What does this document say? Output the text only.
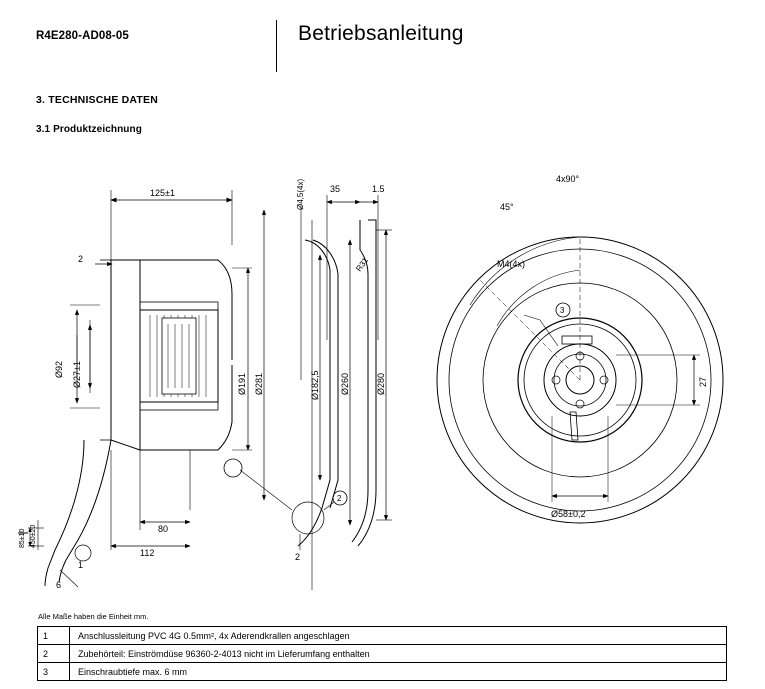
R4E280-AD08-05	Betriebsanleitung
3. TECHNISCHE DATEN
3.1 Produktzeichnung
125±1
2
Ø92 Ø27±1	Ø191 Ø281
80
112
450±20
85±10
1
6
Ø4,5(4x)	35	1.5
R31
Ø182,5 Ø260	Ø280
2
2
4x90°
45°
M4(4x)
3
27
Ø58±0,2
Alle Maße haben die Einheit mm.
1	Anschlussleitung PVC 4G 0.5mm², 4x Aderendkrallen angeschlagen
2	Zubehörteil: Einströmdüse 96360-2-4013 nicht im Lieferumfang enthalten
3	Einschraubtiefe max. 6 mm
